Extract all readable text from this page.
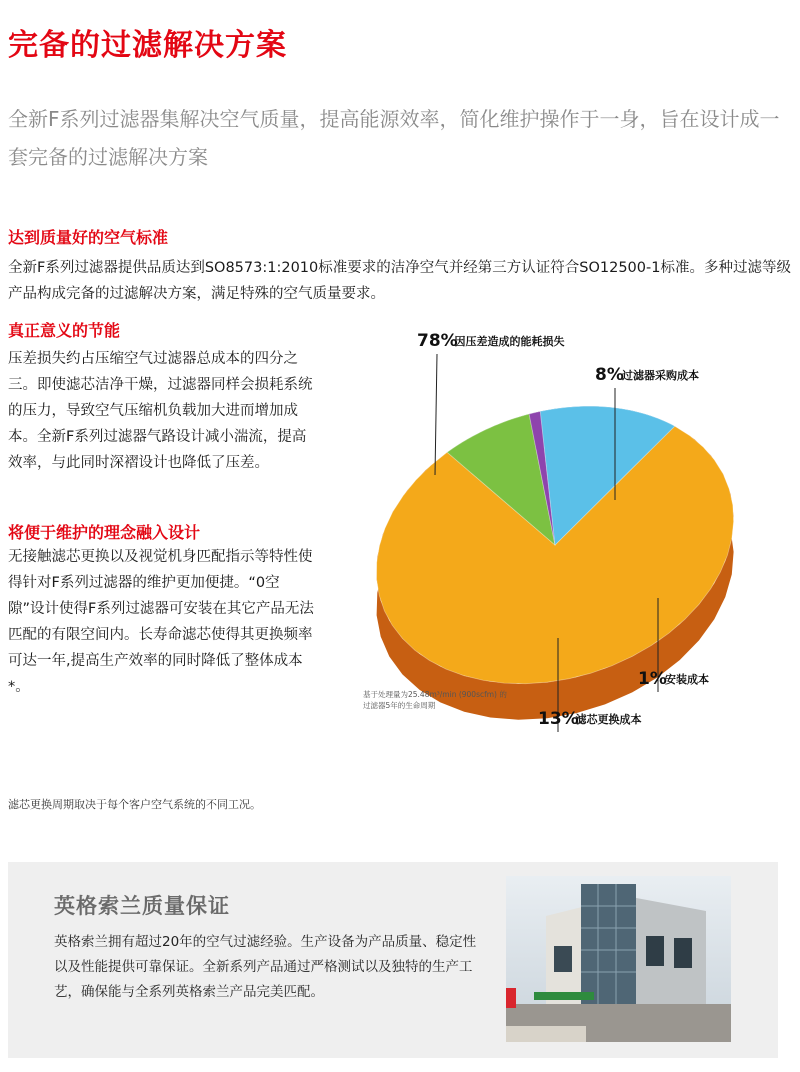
完备的过滤解决方案

全新F系列过滤器集解决空气质量，提高能源效率，简化维护操作于一身，旨在设计成一套完备的过滤解决方案

达到质量好的空气标准

全新F系列过滤器提供品质达到SO8573:1:2010标准要求的洁净空气并经第三方认证符合SO12500-1标准。多种过滤等级产品构成完备的过滤解决方案，满足特殊的空气质量要求。

真正意义的节能

压差损失约占压缩空气过滤器总成本的四分之三。即使滤芯洁净干燥，过滤器同样会损耗系统的压力，导致空气压缩机负载加大进而增加成本。全新F系列过滤器气路设计减小湍流，提高效率，与此同时深褶设计也降低了压差。

将便于维护的理念融入设计

无接触滤芯更换以及视觉机身匹配指示等特性使得针对F系列过滤器的维护更加便捷。“0空隙”设计使得F系列过滤器可安装在其它产品无法匹配的有限空间内。长寿命滤芯使得其更换频率可达一年,提高生产效率的同时降低了整体成本*。

78%
因压差造成的能耗损失
8%
过滤器采购成本
1%
安装成本
13%
滤芯更换成本
基于处理量为25.48m³/min (900scfm) 的
过滤器5年的生命周期

滤芯更换周期取决于每个客户空气系统的不同工况。

英格索兰质量保证

英格索兰拥有超过20年的空气过滤经验。生产设备为产品质量、稳定性以及性能提供可靠保证。全新系列产品通过严格测试以及独特的生产工艺，确保能与全系列英格索兰产品完美匹配。
